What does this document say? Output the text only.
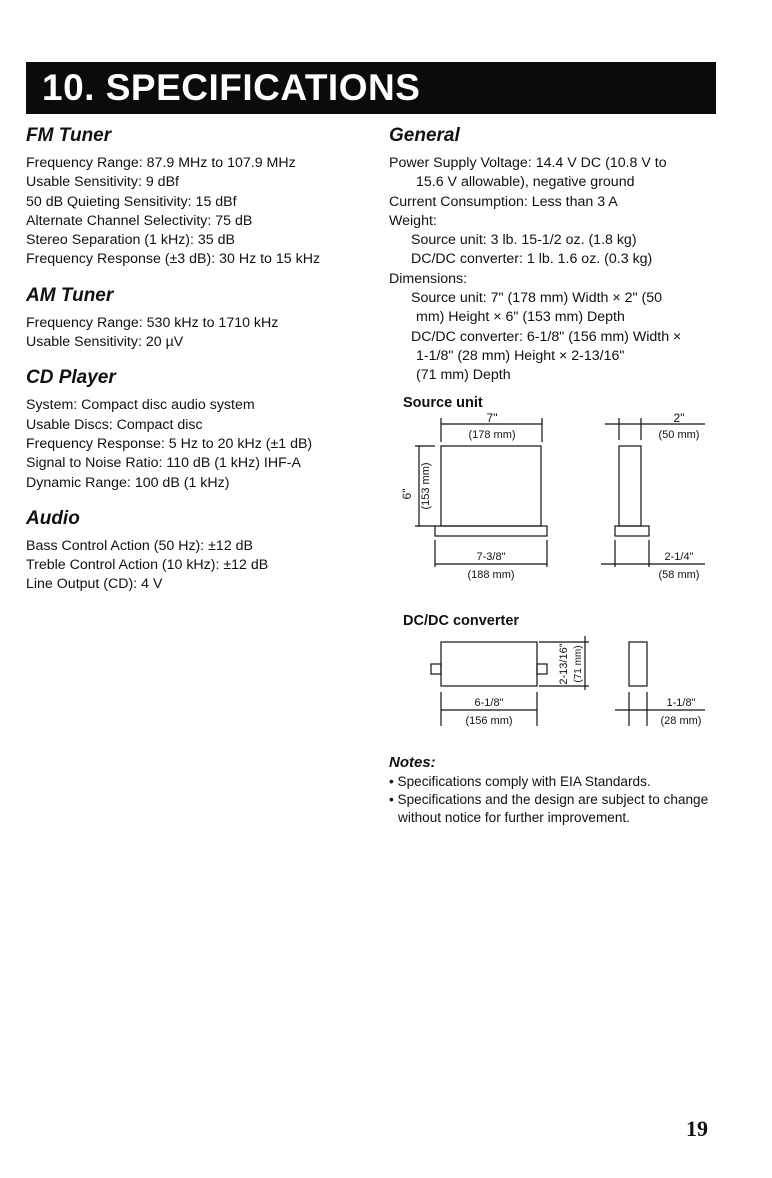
10. SPECIFICATIONS
FM Tuner
Frequency Range: 87.9 MHz to 107.9 MHz
Usable Sensitivity: 9 dBf
50 dB Quieting Sensitivity: 15 dBf
Alternate Channel Selectivity: 75 dB
Stereo Separation (1 kHz): 35 dB
Frequency Response (±3 dB): 30 Hz to 15 kHz
AM Tuner
Frequency Range: 530 kHz to 1710 kHz
Usable Sensitivity: 20 µV
CD Player
System: Compact disc audio system
Usable Discs: Compact disc
Frequency Response: 5 Hz to 20 kHz (±1 dB)
Signal to Noise Ratio: 110 dB (1 kHz) IHF-A
Dynamic Range: 100 dB (1 kHz)
Audio
Bass Control Action (50 Hz): ±12 dB
Treble Control Action (10 kHz): ±12 dB
Line Output (CD): 4 V
General
Power Supply Voltage: 14.4 V DC (10.8 V to
15.6 V allowable), negative ground
Current Consumption: Less than 3 A
Weight:
Source unit: 3 lb. 15-1/2 oz. (1.8 kg)
DC/DC converter: 1 lb. 1.6 oz. (0.3 kg)
Dimensions:
Source unit: 7" (178 mm) Width × 2" (50
mm) Height × 6" (153 mm) Depth
DC/DC converter: 6-1/8" (156 mm) Width ×
1-1/8" (28 mm) Height × 2-13/16"
(71 mm) Depth
Source unit
7"
(178 mm)
6" (153 mm)
7-3/8"
(188 mm)
2"
(50 mm)
2-1/4"
(58 mm)
DC/DC converter
2-13/16" (71 mm)
6-1/8"
(156 mm)
1-1/8"
(28 mm)
Notes:
• Specifications comply with EIA Standards.
• Specifications and the design are subject to change without notice for further improvement.
19
